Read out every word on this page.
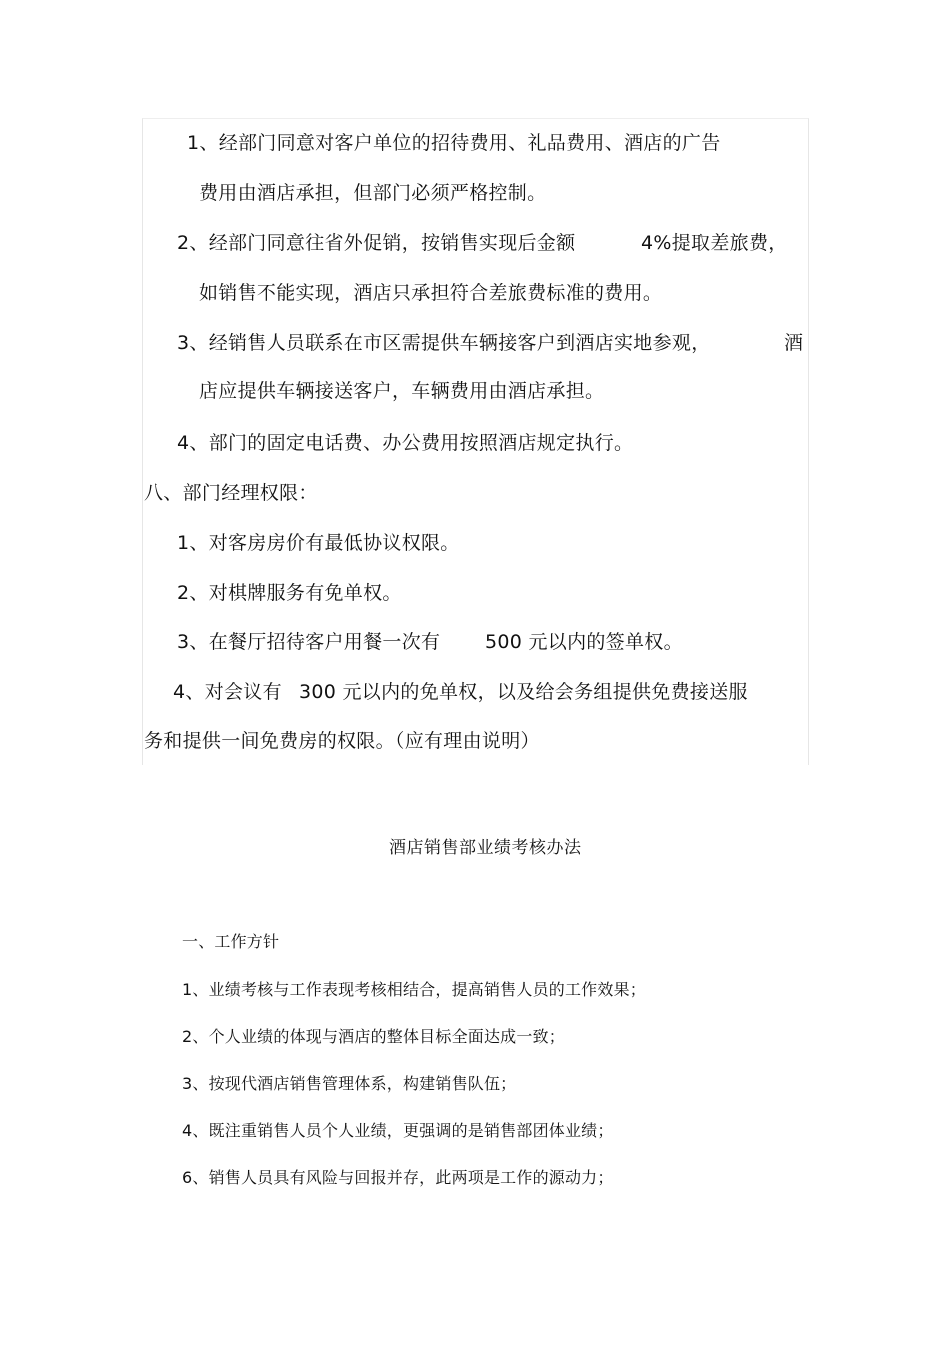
1、经部门同意对客户单位的招待费用、礼品费用、酒店的广告
费用由酒店承担，但部门必须严格控制。
2、经部门同意往省外促销，按销售实现后金额	4%提取差旅费，
如销售不能实现，酒店只承担符合差旅费标准的费用。
3、经销售人员联系在市区需提供车辆接客户到酒店实地参观，	酒
店应提供车辆接送客户，车辆费用由酒店承担。
4、部门的固定电话费、办公费用按照酒店规定执行。
八、部门经理权限：
1、对客房房价有最低协议权限。
2、对棋牌服务有免单权。
3、在餐厅招待客户用餐一次有 500 元以内的签单权。
4、对会议有 300 元以内的免单权，以及给会务组提供免费接送服
务和提供一间免费房的权限。（应有理由说明）
酒店销售部业绩考核办法
一、工作方针
1、业绩考核与工作表现考核相结合，提高销售人员的工作效果；
2、个人业绩的体现与酒店的整体目标全面达成一致；
3、按现代酒店销售管理体系，构建销售队伍；
4、既注重销售人员个人业绩，更强调的是销售部团体业绩；
6、销售人员具有风险与回报并存，此两项是工作的源动力；
